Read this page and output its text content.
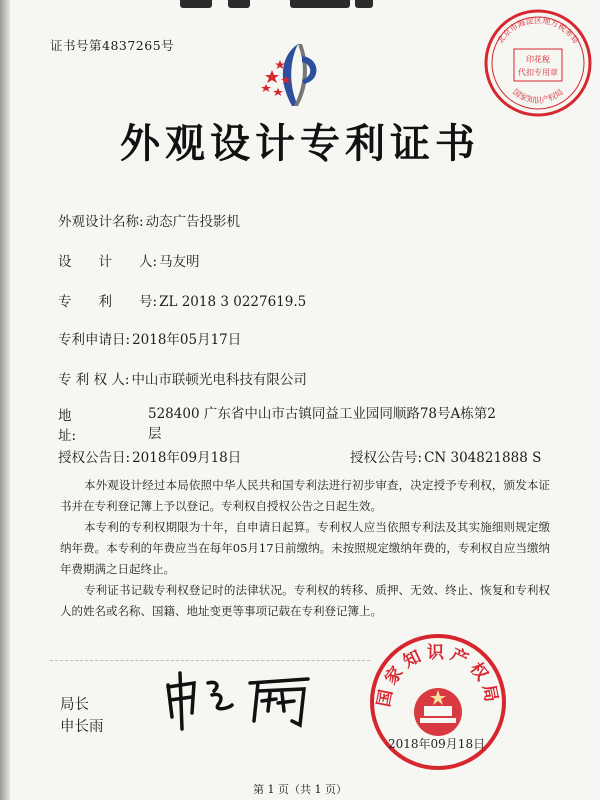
证书号第4837265号	北京市海淀区地方税务局
印花税
代扣专用章
国家知识产权局
外观设计专利证书
外观设计名称: 动态广告投影机
设　　计　　人: 马友明
专　　利　　号: ZL 2018 3 0227619.5
专利申请日: 2018年05月17日
专 利 权 人: 中山市联顿光电科技有限公司
地　　　　址:
528400 广东省中山市古镇同益工业园同顺路78号A栋第2层
授权公告日: 2018年09月18日	授权公告号: CN 304821888 S

本外观设计经过本局依照中华人民共和国专利法进行初步审查，决定授予专利权，颁发本证书并在专利登记簿上予以登记。专利权自授权公告之日起生效。

本专利的专利权期限为十年，自申请日起算。专利权人应当依照专利法及其实施细则规定缴纳年费。本专利的年费应当在每年05月17日前缴纳。未按照规定缴纳年费的，专利权自应当缴纳年费期满之日起终止。

专利证书记载专利权登记时的法律状况。专利权的转移、质押、无效、终止、恢复和专利权人的姓名或名称、国籍、地址变更等事项记载在专利登记簿上。

局长
申长雨
国家知识产权局
2018年09月18日
第 1 页（共 1 页）
